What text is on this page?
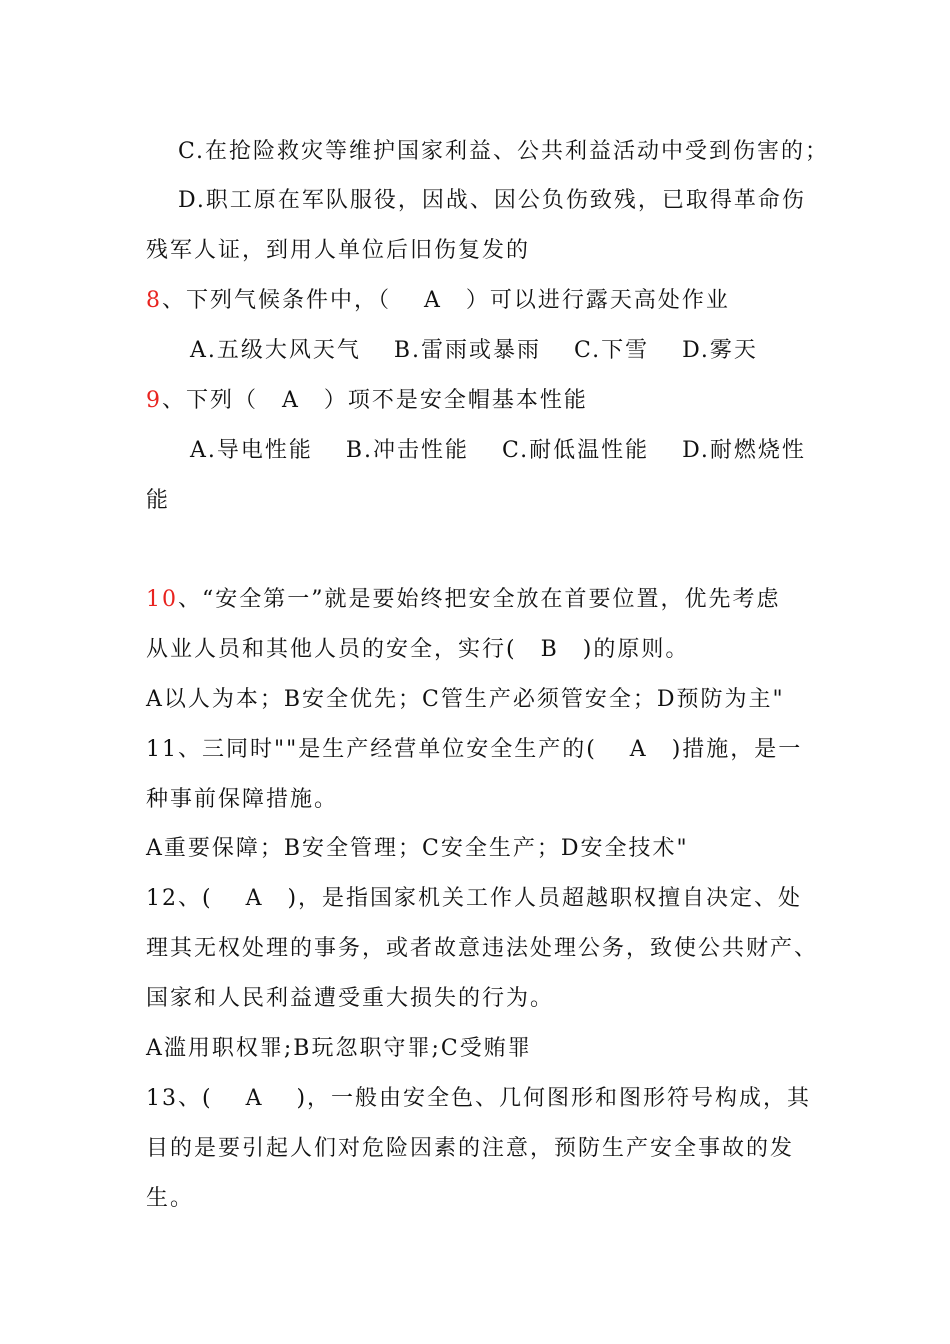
C.在抢险救灾等维护国家利益、公共利益活动中受到伤害的；
D.职工原在军队服役，因战、因公负伤致残，已取得革命伤
残军人证，到用人单位后旧伤复发的
8、下列气候条件中，（　 A　）可以进行露天高处作业
A.五级大风天气　 B.雷雨或暴雨　 C.下雪　 D.雾天
9、下列（　A　）项不是安全帽基本性能
A.导电性能　 B.冲击性能　 C.耐低温性能　 D.耐燃烧性
能
10、“安全第一”就是要始终把安全放在首要位置，优先考虑
从业人员和其他人员的安全，实行(　B　)的原则。
A以人为本；B安全优先；C管生产必须管安全；D预防为主"
11、三同时""是生产经营单位安全生产的(　 A　)措施，是一
种事前保障措施。
A重要保障；B安全管理；C安全生产；D安全技术"
12、(　 A　)，是指国家机关工作人员超越职权擅自决定、处
理其无权处理的事务，或者故意违法处理公务，致使公共财产、
国家和人民利益遭受重大损失的行为。
A滥用职权罪;B玩忽职守罪;C受贿罪
13、(　 A　 )，一般由安全色、几何图形和图形符号构成，其
目的是要引起人们对危险因素的注意，预防生产安全事故的发
生。
